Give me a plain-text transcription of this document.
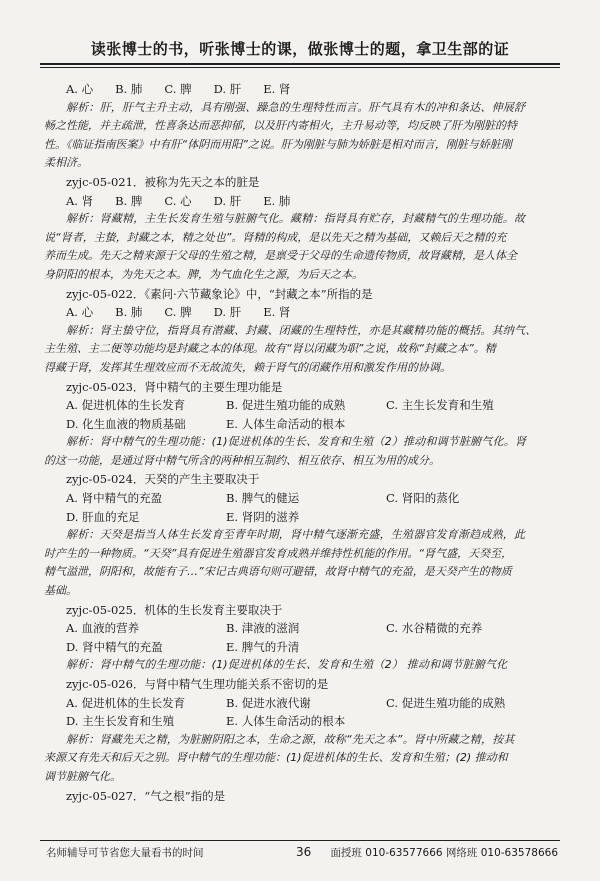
读张博士的书，听张博士的课，做张博士的题，拿卫生部的证
A. 心 B. 肺 C. 脾 D. 肝 E. 肾

解析：肝，肝气主升主动，具有刚强、躁急的生理特性而言。肝气具有木的冲和条达、伸展舒

畅之性能，并主疏泄，性喜条达而恶抑郁，以及肝内寄相火，主升易动等，均反映了肝为刚脏的特

性。《临证指南医案》中有肝“体阴而用阳”之说。肝为刚脏与肺为娇脏是相对而言，刚脏与娇脏刚

柔相济。

zyjc-05-021．被称为先天之本的脏是

A. 肾 B. 脾 C. 心 D. 肝 E. 肺

解析：肾藏精，主生长发育生殖与脏腑气化。藏精：指肾具有贮存，封藏精气的生理功能。故

说“肾者，主蛰，封藏之本，精之处也”。肾精的构成，是以先天之精为基础，又赖后天之精的充

养而生成。先天之精来源于父母的生殖之精，是禀受于父母的生命遗传物质，故肾藏精，是人体全

身阴阳的根本，为先天之本。脾，为气血化生之源，为后天之本。

zyjc-05-022．《素问·六节藏象论》中，“封藏之本”所指的是

A. 心 B. 肺 C. 脾 D. 肝 E. 肾

解析：肾主蛰守位，指肾具有潜藏、封藏、闭藏的生理特性，亦是其藏精功能的概括。其纳气、

主生殖、主二便等功能均是封藏之本的体现。故有“肾以闭藏为职”之说，故称“封藏之本”。精

得藏于肾，发挥其生理效应而不无故流失，赖于肾气的闭藏作用和激发作用的协调。

zyjc-05-023．肾中精气的主要生理功能是

A. 促进机体的生长发育	B. 促进生殖功能的成熟	C. 主生长发育和生殖
D. 化生血液的物质基础	E. 人体生命活动的根本

解析：肾中精气的生理功能：(1)促进机体的生长、发育和生殖（2）推动和调节脏腑气化。肾

的这一功能，是通过肾中精气所含的两种相互制约、相互依存、相互为用的成分。

zyjc-05-024．天癸的产生主要取决于

A. 肾中精气的充盈	B. 脾气的健运	C. 肾阳的蒸化
D. 肝血的充足	E. 肾阴的滋养

解析：天癸是指当人体生长发育至青年时期，肾中精气逐渐充盛，生殖器官发育渐趋成熟，此

时产生的一种物质。“天癸”具有促进生殖器官发育成熟并维持性机能的作用。“肾气盛，天癸至，

精气溢泄，阴阳和，故能有子…”宋记古典语句则可避错，故肾中精气的充盈，是天癸产生的物质

基础。

zyjc-05-025．机体的生长发育主要取决于

A. 血液的营养	B. 津液的滋润	C. 水谷精微的充养
D. 肾中精气的充盈	E. 脾气的升清

解析：肾中精气的生理功能：(1)促进机体的生长、发育和生殖（2） 推动和调节脏腑气化

zyjc-05-026．与肾中精气生理功能关系不密切的是

A. 促进机体的生长发育	B. 促进水液代谢	C. 促进生殖功能的成熟
D. 主生长发育和生殖	E. 人体生命活动的根本

解析：肾藏先天之精，为脏腑阴阳之本，生命之源，故称“先天之本”。肾中所藏之精，按其

来源又有先天和后天之别。肾中精气的生理功能：(1)促进机体的生长、发育和生殖；(2) 推动和

调节脏腑气化。

zyjc-05-027．“气之根”指的是

名师辅导可节省您大量看书的时间	36 面授班 010-63577666 网络班 010-63578666
